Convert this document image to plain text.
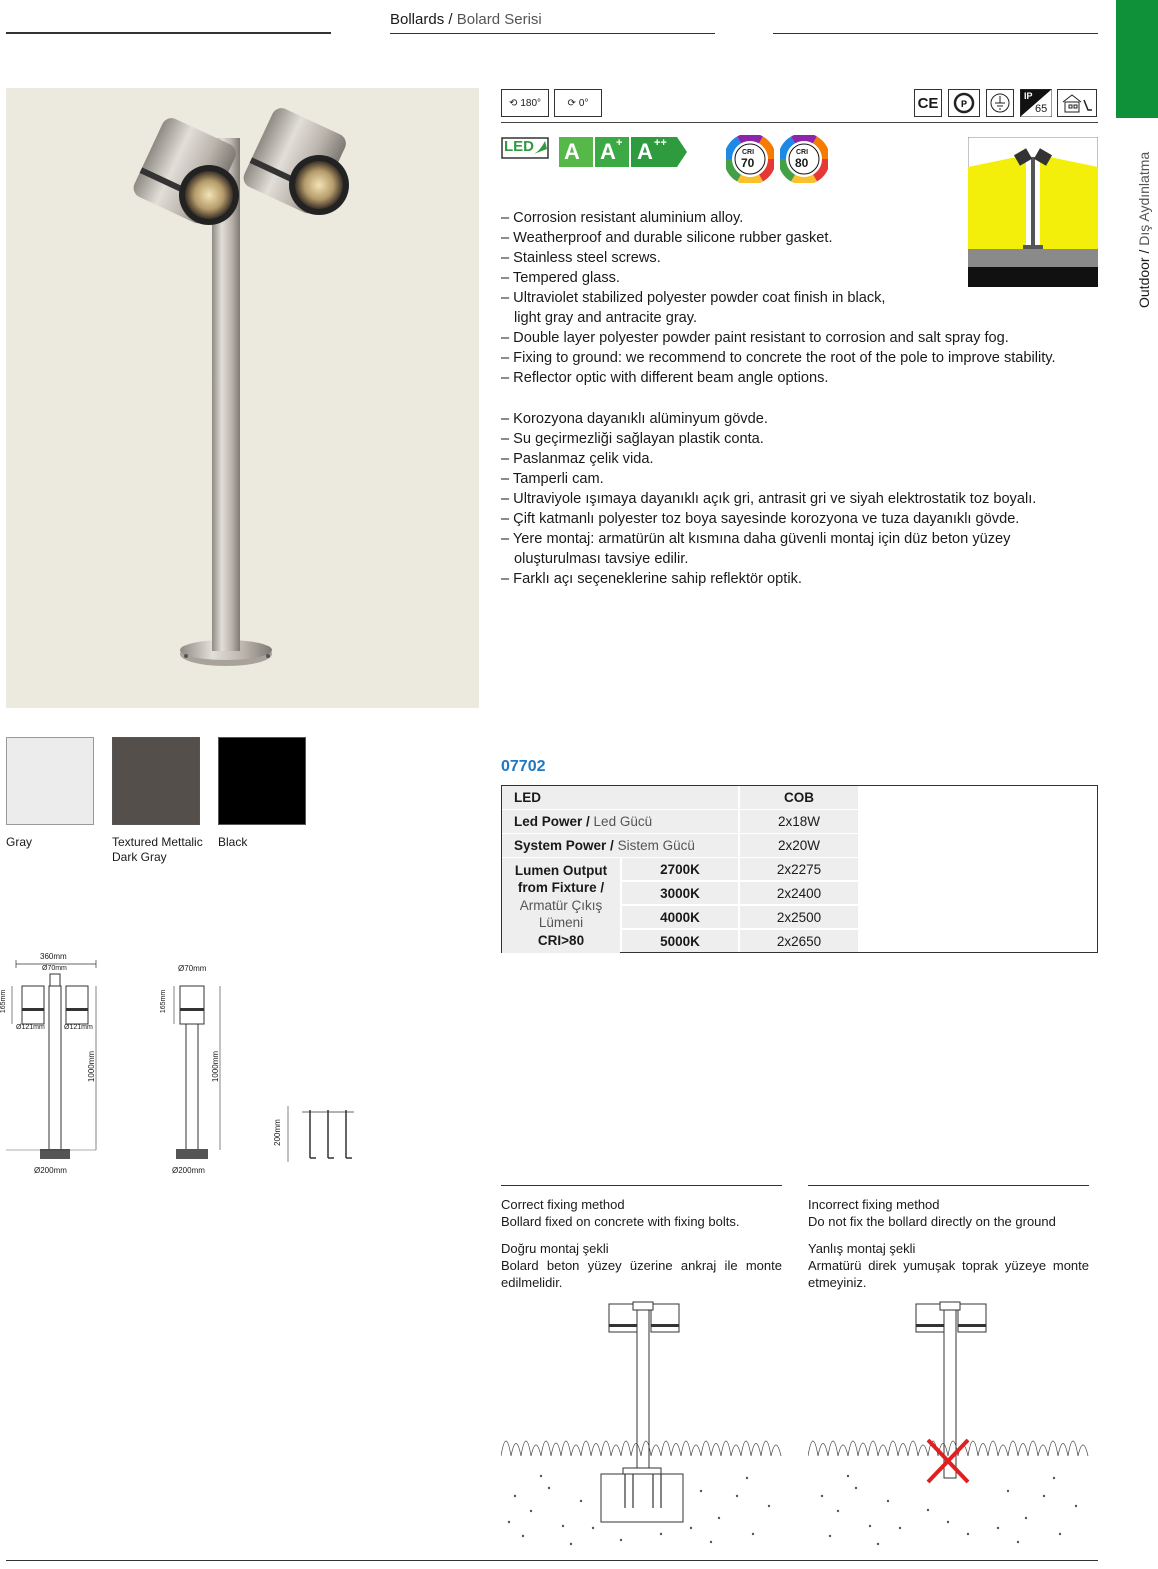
Bollards / Bolard Serisi
Outdoor / Dış Aydınlatma
⟲ 180°	⟳ 0°	CE	P
IP
65
LED A A + A ++
CRI
70
CRI
80
– Corrosion resistant aluminium alloy.
– Weatherproof and durable silicone rubber gasket.
– Stainless steel screws.
– Tempered glass.
– Ultraviolet stabilized polyester powder coat finish in black,
light gray and antracite gray.
– Double layer polyester powder paint resistant to corrosion and salt spray fog.
– Fixing to ground: we recommend to concrete the root of the pole to improve stability.
– Reflector optic with different beam angle options.
– Korozyona dayanıklı alüminyum gövde.
– Su geçirmezliği sağlayan plastik conta.
– Paslanmaz çelik vida.
– Tamperli cam.
– Ultraviyole ışımaya dayanıklı açık gri, antrasit gri ve siyah elektrostatik toz boyalı.
– Çift katmanlı polyester toz boya sayesinde korozyona ve tuza dayanıklı gövde.
– Yere montaj: armatürün alt kısmına daha güvenli montaj için düz beton yüzey
oluşturulması tavsiye edilir.
– Farklı açı seçeneklerine sahip reflektör optik.
Gray	Textured Mettalic Dark Gray
Black
07702
LED	COB
Led Power /
Led Gücü	2x18W
System Power /
Sistem Gücü	2x20W
Lumen Output
from Fixture /
Armatür Çıkış
Lümeni
CRI>80
2700K	2x2275
3000K	2x2400
4000K	2x2500
5000K	2x2650
360mm
Ø70mm
165mm
Ø121mm	Ø121mm
1000mm
Ø200mm
Ø70mm
165mm
1000mm
Ø200mm
200mm
Correct fixing method
Bollard fixed on concrete with fixing bolts.
Doğru montaj şekli
Bolard beton yüzey üzerine ankraj ile monte edilmelidir.
Incorrect fixing method
Do not fix the bollard directly on the ground
Yanlış montaj şekli
Armatürü direk yumuşak toprak yüzeye monte etmeyiniz.
